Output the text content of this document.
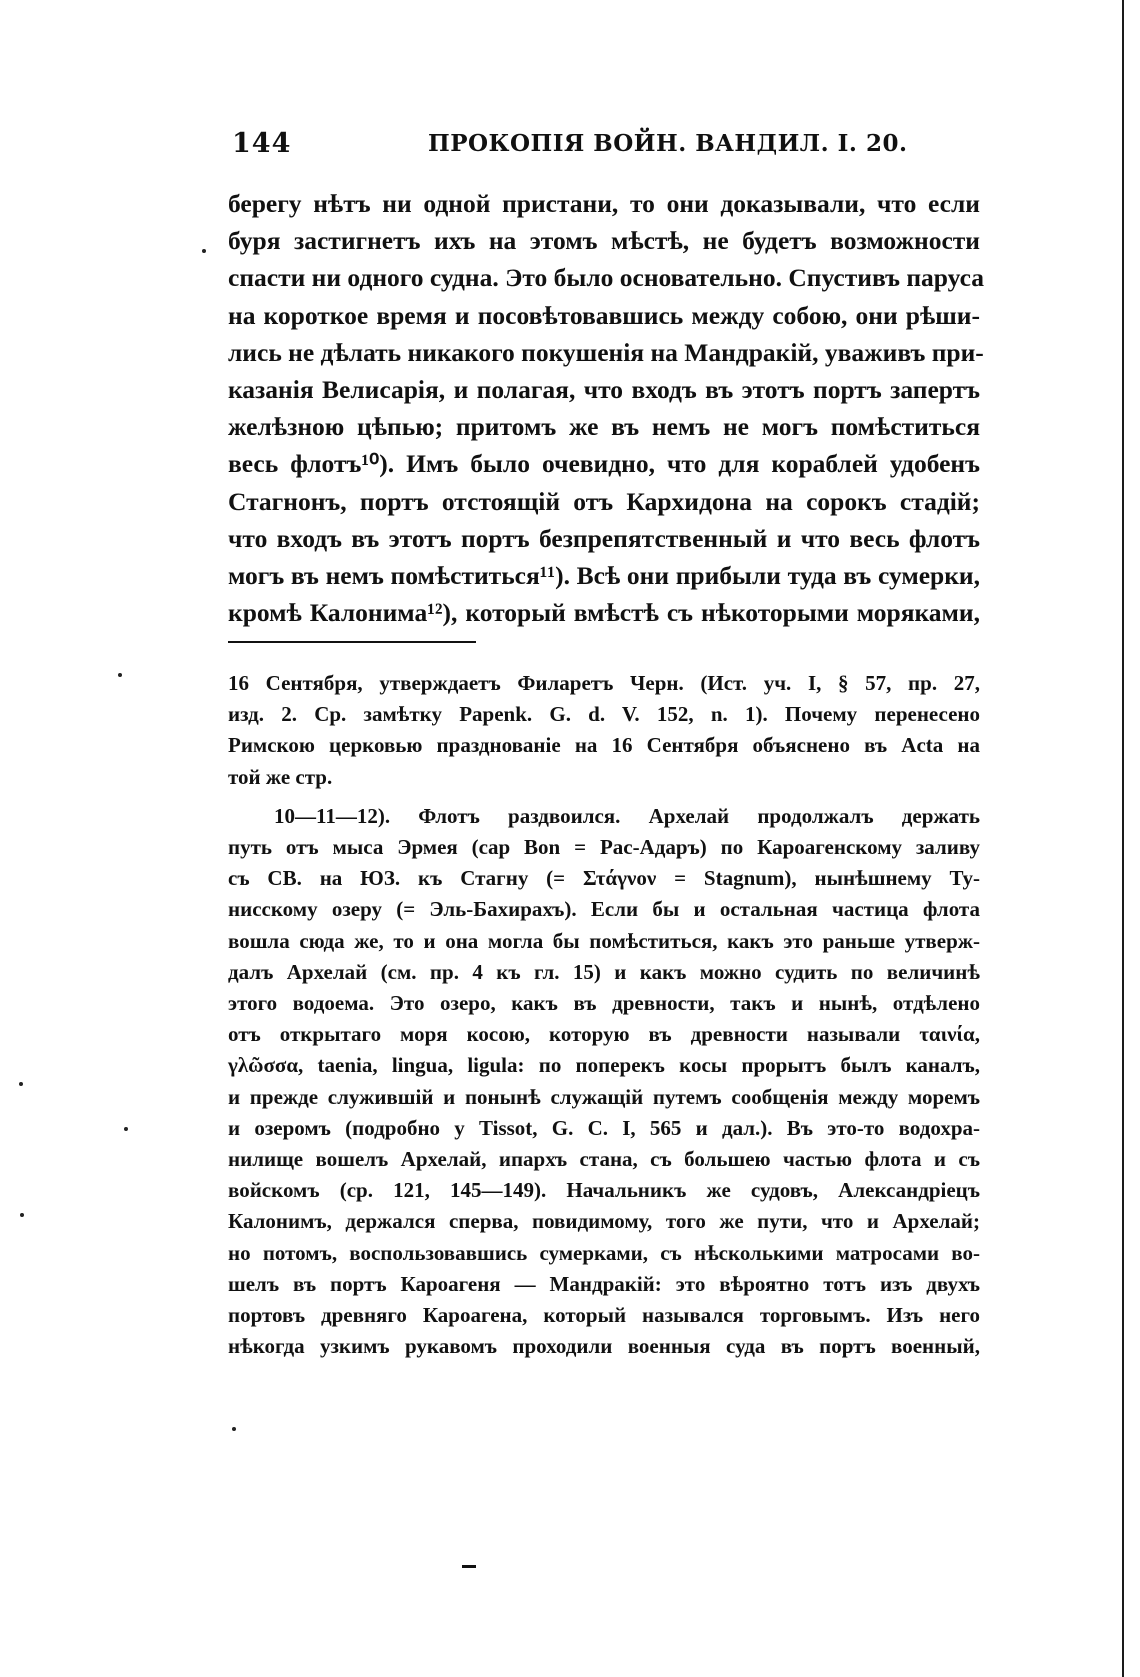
144	ПРОКОПІЯ ВОЙН. ВАНДИЛ. I. 20.
берегу нѣтъ ни одной пристани, то они доказывали, что если
буря застигнетъ ихъ на этомъ мѣстѣ, не будетъ возможности
спасти ни одного судна. Это было основательно. Спустивъ паруса
на короткое время и посовѣтовавшись между собою, они рѣши-
лись не дѣлать никакого покушенія на Мандракій, уваживъ при-
казанія Велисарія, и полагая, что входъ въ этотъ портъ запертъ
желѣзною цѣпью; притомъ же въ немъ не могъ помѣститься
весь флотъ¹⁰). Имъ было очевидно, что для кораблей удобенъ
Стагнонъ, портъ отстоящій отъ Кархидона на сорокъ стадій;
что входъ въ этотъ портъ безпрепятственный и что весь флотъ
могъ въ немъ помѣститься¹¹). Всѣ они прибыли туда въ сумерки,
кромѣ Калонима¹²), который вмѣстѣ съ нѣкоторыми моряками,
16 Сентября, утверждаетъ Филаретъ Черн. (Ист. уч. I, § 57, пр. 27,
изд. 2. Ср. замѣтку Papenk. G. d. V. 152, n. 1). Почему перенесено
Римскою церковью празднованіе на 16 Сентября объяснено въ Acta на
той же стр.
10—11—12). Флотъ раздвоился. Архелай продолжалъ держать
путь отъ мыса Эрмея (cap Bon = Рас-Адаръ) по Кароагенскому заливу
съ СВ. на ЮЗ. къ Стагну (= Στάγνον = Stagnum), нынѣшнему Ту-
нисскому озеру (= Эль-Бахирахъ). Если бы и остальная частица флота
вошла сюда же, то и она могла бы помѣститься, какъ это раньше утверж-
далъ Архелай (см. пр. 4 къ гл. 15) и какъ можно судить по величинѣ
этого водоема. Это озеро, какъ въ древности, такъ и нынѣ, отдѣлено
отъ открытаго моря косою, которую въ древности называли ταινία,
γλῶσσα, taenia, lingua, ligula: по поперекъ косы прорытъ былъ каналъ,
и прежде служившій и понынѣ служащій путемъ сообщенія между моремъ
и озеромъ (подробно у Tissot, G. C. I, 565 и дал.). Въ это-то водохра-
нилище вошелъ Архелай, ипархъ стана, съ большею частью флота и съ
войскомъ (ср. 121, 145—149). Начальникъ же судовъ, Александріецъ
Калонимъ, держался сперва, повидимому, того же пути, что и Архелай;
но потомъ, воспользовавшись сумерками, съ нѣсколькими матросами во-
шелъ въ портъ Кароагеня — Мандракій: это вѣроятно тотъ изъ двухъ
портовъ древняго Кароагена, который назывался торговымъ. Изъ него
нѣкогда узкимъ рукавомъ проходили военныя суда въ портъ военный,
